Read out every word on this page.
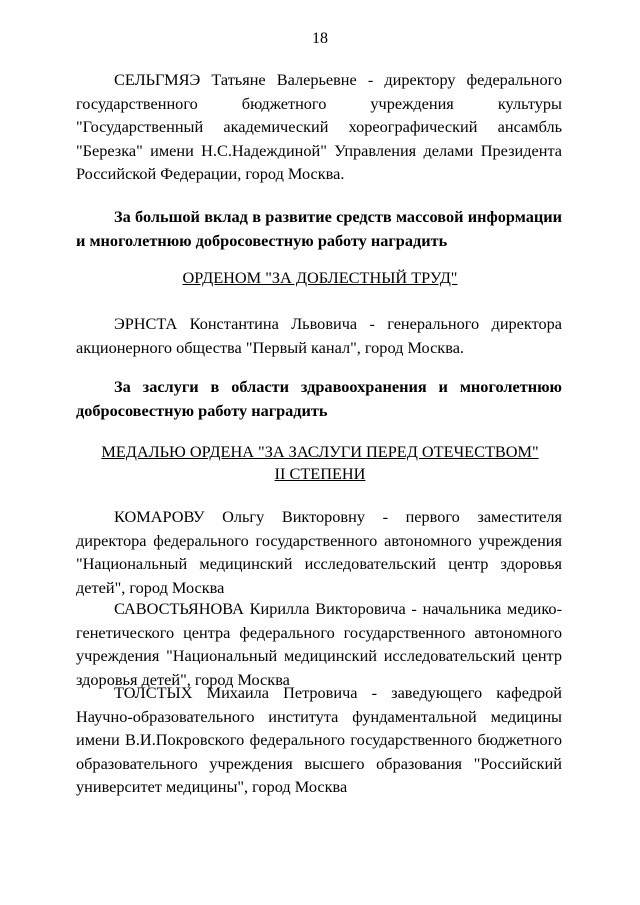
18

СЕЛЬГМЯЭ Татьяне Валерьевне - директору федерального государственного бюджетного учреждения культуры "Государственный академический хореографический ансамбль "Березка" имени Н.С.Надеждиной" Управления делами Президента Российской Федерации, город Москва.

За большой вклад в развитие средств массовой информации и многолетнюю добросовестную работу наградить

ОРДЕНОМ "ЗА ДОБЛЕСТНЫЙ ТРУД"

ЭРНСТА Константина Львовича - генерального директора акционерного общества "Первый канал", город Москва.

За заслуги в области здравоохранения и многолетнюю добросовестную работу наградить

МЕДАЛЬЮ ОРДЕНА "ЗА ЗАСЛУГИ ПЕРЕД ОТЕЧЕСТВОМ"
II СТЕПЕНИ

КОМАРОВУ Ольгу Викторовну - первого заместителя директора федерального государственного автономного учреждения "Национальный медицинский исследовательский центр здоровья детей", город Москва

САВОСТЬЯНОВА Кирилла Викторовича - начальника медико-генетического центра федерального государственного автономного учреждения "Национальный медицинский исследовательский центр здоровья детей", город Москва

ТОЛСТЫХ Михаила Петровича - заведующего кафедрой Научно-образовательного института фундаментальной медицины имени В.И.Покровского федерального государственного бюджетного образовательного учреждения высшего образования "Российский университет медицины", город Москва
